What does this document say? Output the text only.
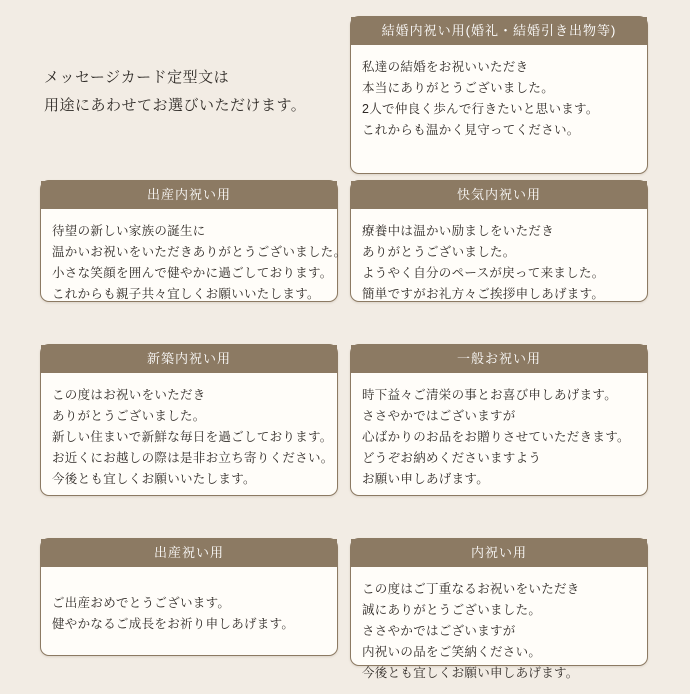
メッセージカード定型文は
用途にあわせてお選びいただけます。
結婚内祝い用(婚礼・結婚引き出物等)
私達の結婚をお祝いいただき
本当にありがとうございました。
2人で仲良く歩んで行きたいと思います。
これからも温かく見守ってください。
出産内祝い用
待望の新しい家族の誕生に
温かいお祝いをいただきありがとうございました。
小さな笑顔を囲んで健やかに過ごしております。
これからも親子共々宜しくお願いいたします。
快気内祝い用
療養中は温かい励ましをいただき
ありがとうございました。
ようやく自分のペースが戻って来ました。
簡単ですがお礼方々ご挨拶申しあげます。
新築内祝い用
この度はお祝いをいただき
ありがとうございました。
新しい住まいで新鮮な毎日を過ごしております。
お近くにお越しの際は是非お立ち寄りください。
今後とも宜しくお願いいたします。
一般お祝い用
時下益々ご清栄の事とお喜び申しあげます。
ささやかではございますが
心ばかりのお品をお贈りさせていただきます。
どうぞお納めくださいますよう
お願い申しあげます。
出産祝い用
ご出産おめでとうございます。
健やかなるご成長をお祈り申しあげます。
内祝い用
この度はご丁重なるお祝いをいただき
誠にありがとうございました。
ささやかではございますが
内祝いの品をご笑納ください。
今後とも宜しくお願い申しあげます。
